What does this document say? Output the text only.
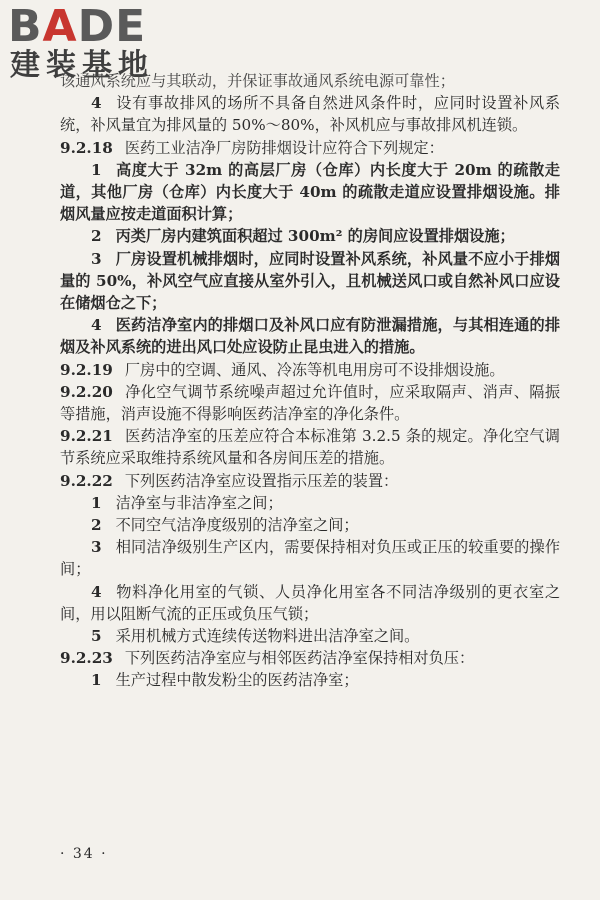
BADE
建装基地

该通风系统应与其联动，并保证事故通风系统电源可靠性；

4 设有事故排风的场所不具备自然进风条件时，应同时设置补风系统，补风量宜为排风量的 50%～80%，补风机应与事故排风机连锁。

9.2.18 医药工业洁净厂房防排烟设计应符合下列规定：

1 高度大于 32m 的高层厂房（仓库）内长度大于 20m 的疏散走道，其他厂房（仓库）内长度大于 40m 的疏散走道应设置排烟设施。排烟风量应按走道面积计算；

2 丙类厂房内建筑面积超过 300m² 的房间应设置排烟设施；

3 厂房设置机械排烟时，应同时设置补风系统，补风量不应小于排烟量的 50%，补风空气应直接从室外引入，且机械送风口或自然补风口应设在储烟仓之下；

4 医药洁净室内的排烟口及补风口应有防泄漏措施，与其相连通的排烟及补风系统的进出风口处应设防止昆虫进入的措施。

9.2.19 厂房中的空调、通风、冷冻等机电用房可不设排烟设施。

9.2.20 净化空气调节系统噪声超过允许值时，应采取隔声、消声、隔振等措施，消声设施不得影响医药洁净室的净化条件。

9.2.21 医药洁净室的压差应符合本标准第 3.2.5 条的规定。净化空气调节系统应采取维持系统风量和各房间压差的措施。

9.2.22 下列医药洁净室应设置指示压差的装置：

1 洁净室与非洁净室之间；

2 不同空气洁净度级别的洁净室之间；

3 相同洁净级别生产区内，需要保持相对负压或正压的较重要的操作间；

4 物料净化用室的气锁、人员净化用室各不同洁净级别的更衣室之间，用以阻断气流的正压或负压气锁；

5 采用机械方式连续传送物料进出洁净室之间。

9.2.23 下列医药洁净室应与相邻医药洁净室保持相对负压：

1 生产过程中散发粉尘的医药洁净室；

· 34 ·
